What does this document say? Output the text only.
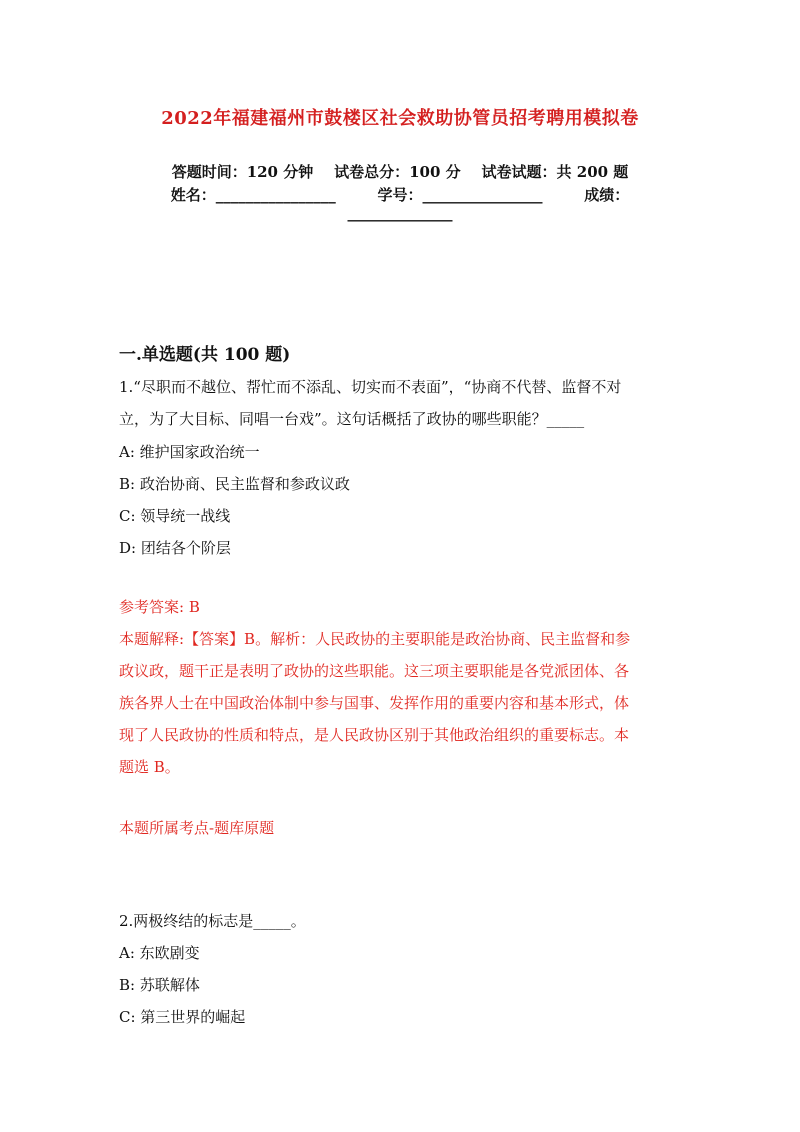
2022年福建福州市鼓楼区社会救助协管员招考聘用模拟卷
答题时间：120 分钟    试卷总分：100 分    试卷试题：共 200 题
姓名：________________        学号：________________        成绩：
______________
一.单选题(共 100 题)
1.“尽职而不越位、帮忙而不添乱、切实而不表面”，“协商不代替、监督不对
立，为了大目标、同唱一台戏”。这句话概括了政协的哪些职能？_____
A: 维护国家政治统一
B: 政治协商、民主监督和参政议政
C: 领导统一战线
D: 团结各个阶层
参考答案: B
本题解释:【答案】B。解析：人民政协的主要职能是政治协商、民主监督和参
政议政，题干正是表明了政协的这些职能。这三项主要职能是各党派团体、各
族各界人士在中国政治体制中参与国事、发挥作用的重要内容和基本形式，体
现了人民政协的性质和特点，是人民政协区别于其他政治组织的重要标志。本
题选 B。
本题所属考点-题库原题
2.两极终结的标志是_____。
A: 东欧剧变
B: 苏联解体
C: 第三世界的崛起
